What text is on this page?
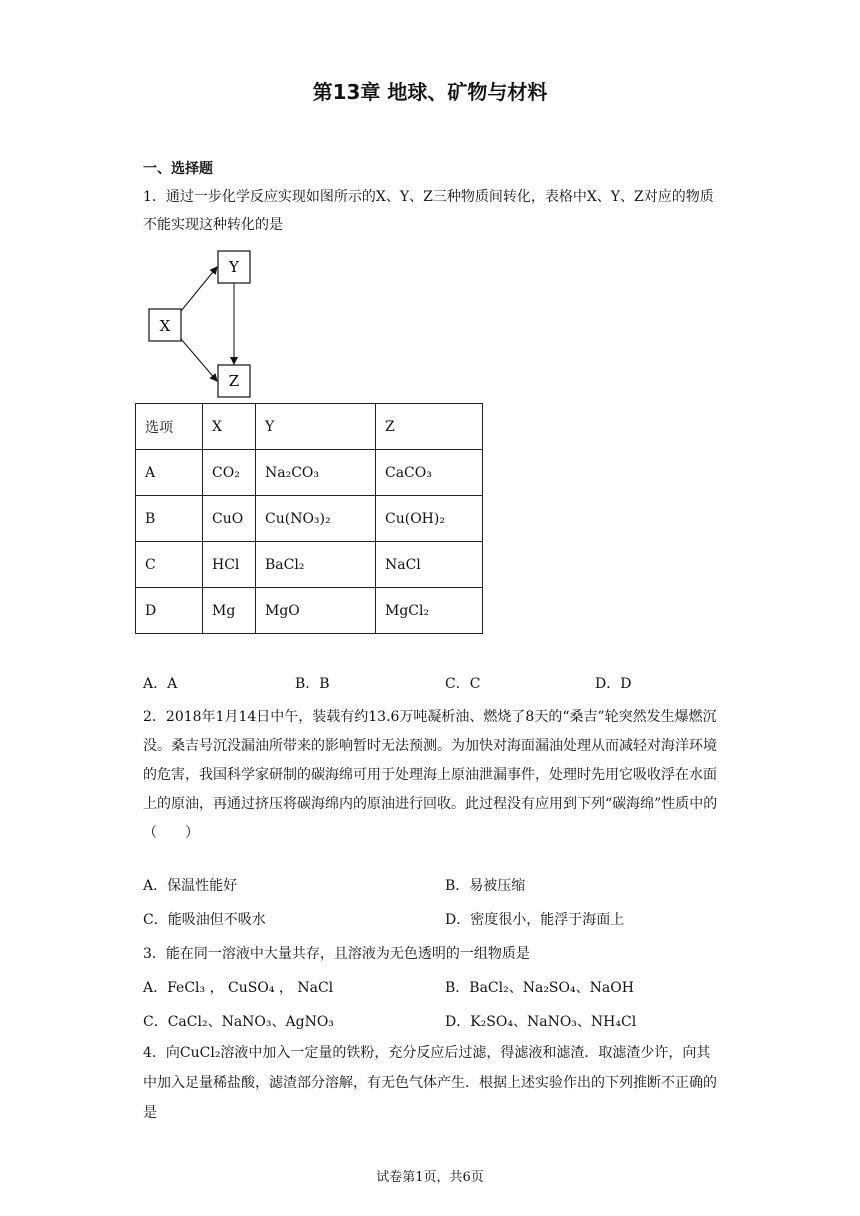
第13章 地球、矿物与材料
一、选择题

1．通过一步化学反应实现如图所示的X、Y、Z三种物质间转化，表格中X、Y、Z对应的物质不能实现这种转化的是

X
Y
Z
选项	X	Y	Z
A	CO₂	Na₂CO₃	CaCO₃
B	CuO	Cu(NO₃)₂	Cu(OH)₂
C	HCl	BaCl₂	NaCl
D	Mg	MgO	MgCl₂
A．A	B．B	C．C	D．D

2．2018年1月14日中午，装载有约13.6万吨凝析油、燃烧了8天的“桑吉”轮突然发生爆燃沉没。桑吉号沉没漏油所带来的影响暂时无法预测。为加快对海面漏油处理从而减轻对海洋环境的危害，我国科学家研制的碳海绵可用于处理海上原油泄漏事件，处理时先用它吸收浮在水面上的原油，再通过挤压将碳海绵内的原油进行回收。此过程没有应用到下列“碳海绵”性质中的（　　）

A．保温性能好	B．易被压缩
C．能吸油但不吸水	D．密度很小，能浮于海面上
3．能在同一溶液中大量共存，且溶液为无色透明的一组物质是
A．FeCl₃ ， CuSO₄ ， NaCl	B．BaCl₂、Na₂SO₄、NaOH
C．CaCl₂、NaNO₃、AgNO₃	D．K₂SO₄、NaNO₃、NH₄Cl

4．向CuCl₂溶液中加入一定量的铁粉，充分反应后过滤，得滤液和滤渣．取滤渣少许，向其中加入足量稀盐酸，滤渣部分溶解，有无色气体产生．根据上述实验作出的下列推断不正确的是

试卷第1页，共6页
